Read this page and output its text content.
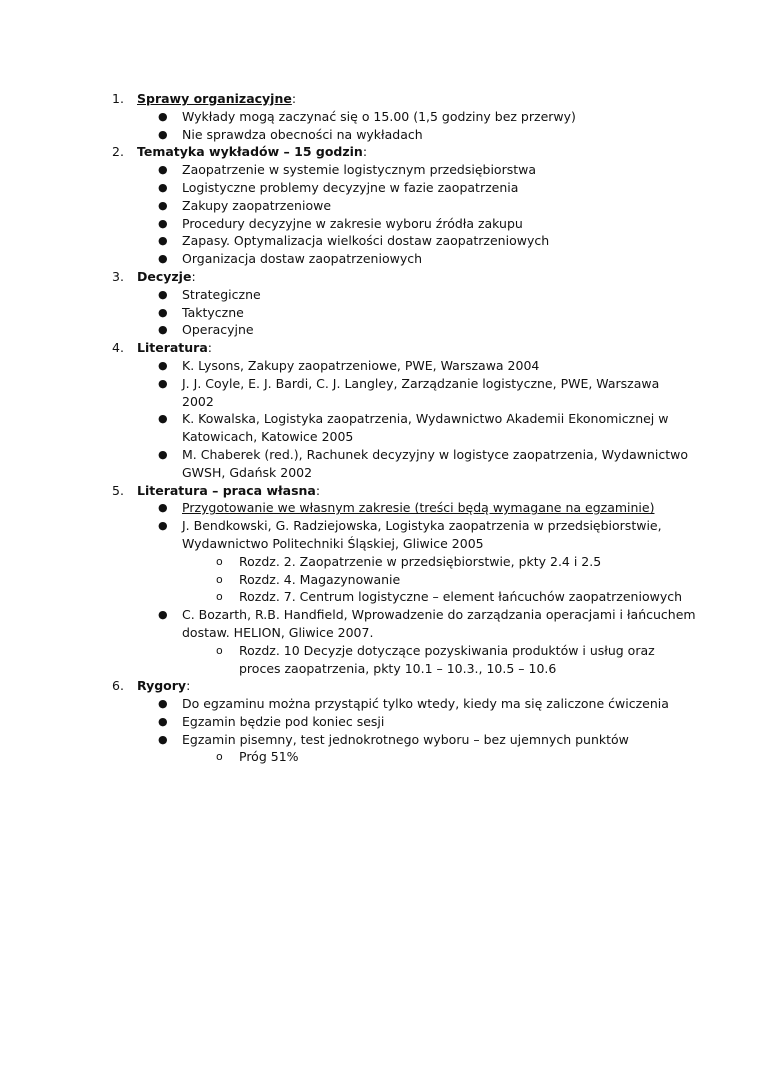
1. Sprawy organizacyjne:
● Wykłady mogą zaczynać się o 15.00 (1,5 godziny bez przerwy)
● Nie sprawdza obecności na wykładach
2. Tematyka wykładów – 15 godzin:
● Zaopatrzenie w systemie logistycznym przedsiębiorstwa
● Logistyczne problemy decyzyjne w fazie zaopatrzenia
● Zakupy zaopatrzeniowe
● Procedury decyzyjne w zakresie wyboru źródła zakupu
● Zapasy. Optymalizacja wielkości dostaw zaopatrzeniowych
● Organizacja dostaw zaopatrzeniowych
3. Decyzje:
● Strategiczne
● Taktyczne
● Operacyjne
4. Literatura:
● K. Lysons, Zakupy zaopatrzeniowe, PWE, Warszawa 2004
● J. J. Coyle, E. J. Bardi, C. J. Langley, Zarządzanie logistyczne, PWE, Warszawa
2002
● K. Kowalska, Logistyka zaopatrzenia, Wydawnictwo Akademii Ekonomicznej w
Katowicach, Katowice 2005
● M. Chaberek (red.), Rachunek decyzyjny w logistyce zaopatrzenia, Wydawnictwo
GWSH, Gdańsk 2002
5. Literatura – praca własna:
● Przygotowanie we własnym zakresie (treści będą wymagane na egzaminie)
● J. Bendkowski, G. Radziejowska, Logistyka zaopatrzenia w przedsiębiorstwie,
Wydawnictwo Politechniki Śląskiej, Gliwice 2005
o Rozdz. 2. Zaopatrzenie w przedsiębiorstwie, pkty 2.4 i 2.5
o Rozdz. 4. Magazynowanie
o Rozdz. 7. Centrum logistyczne – element łańcuchów zaopatrzeniowych
● C. Bozarth, R.B. Handfield, Wprowadzenie do zarządzania operacjami i łańcuchem
dostaw. HELION, Gliwice 2007.
o Rozdz. 10 Decyzje dotyczące pozyskiwania produktów i usług oraz
proces zaopatrzenia, pkty 10.1 – 10.3., 10.5 – 10.6
6. Rygory:
● Do egzaminu można przystąpić tylko wtedy, kiedy ma się zaliczone ćwiczenia
● Egzamin będzie pod koniec sesji
● Egzamin pisemny, test jednokrotnego wyboru – bez ujemnych punktów
o Próg 51%
